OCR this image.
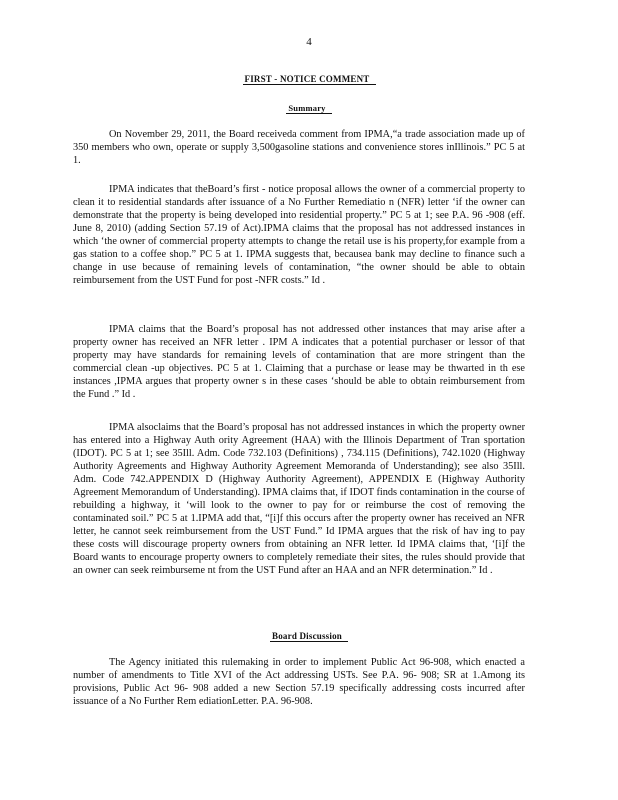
4
FIRST - NOTICE COMMENT
Summary

On November 29, 2011, the Board receiveda comment from IPMA,“a trade association made up of 350 members who own, operate or supply 3,500gasoline stations and convenience stores inIllinois.” PC 5 at 1.

IPMA indicates that theBoard’s first - notice proposal allows the owner of a commercial property to clean it to residential standards after issuance of a No Further Remediatio n (NFR) letter ‘if the owner can demonstrate that the property is being developed into residential property.” PC 5 at 1; see P.A. 96 -908 (eff. June 8, 2010) (adding Section 57.19 of Act).IPMA claims that the proposal has not addressed instances in which ‘the owner of commercial property attempts to change the retail use is his property,for example from a gas station to a coffee shop.” PC 5 at 1. IPMA suggests that, becausea bank may decline to finance such a change in use because of remaining levels of contamination, “the owner should be able to obtain reimbursement from the UST Fund for post -NFR costs.” Id .

IPMA claims that the Board’s proposal has not addressed other instances that may arise after a property owner has received an NFR letter . IPM A indicates that a potential purchaser or lessor of that property may have standards for remaining levels of contamination that are more stringent than the commercial clean -up objectives. PC 5 at 1. Claiming that a purchase or lease may be thwarted in th ese instances ,IPMA argues that property owner s in these cases ‘should be able to obtain reimbursement from the Fund .” Id .

IPMA alsoclaims that the Board’s proposal has not addressed instances in which the property owner has entered into a Highway Auth ority Agreement (HAA) with the Illinois Department of Tran sportation (IDOT). PC 5 at 1; see 35Ill. Adm. Code 732.103 (Definitions) , 734.115 (Definitions), 742.1020 (Highway Authority Agreements and Highway Authority Agreement Memoranda of Understanding); see also 35Ill. Adm. Code 742.APPENDIX D (Highway Authority Agreement), APPENDIX E (Highway Authority Agreement Memorandum of Understanding). IPMA claims that, if IDOT finds contamination in the course of rebuilding a highway, it ‘will look to the owner to pay for or reimburse the cost of removing the contaminated soil.” PC 5 at 1.IPMA add that, “[i]f this occurs after the property owner has received an NFR letter, he cannot seek reimbursement from the UST Fund.” Id IPMA argues that the risk of hav ing to pay these costs will discourage property owners from obtaining an NFR letter. Id IPMA claims that, ‘[i]f the Board wants to encourage property owners to completely remediate their sites, the rules should provide that an owner can seek reimburseme nt from the UST Fund after an HAA and an NFR determination.” Id .

Board Discussion

The Agency initiated this rulemaking in order to implement Public Act 96-908, which enacted a number of amendments to Title XVI of the Act addressing USTs. See P.A. 96- 908; SR at 1.Among its provisions, Public Act 96- 908 added a new Section 57.19 specifically addressing costs incurred after issuance of a No Further Rem ediationLetter. P.A. 96-908.
